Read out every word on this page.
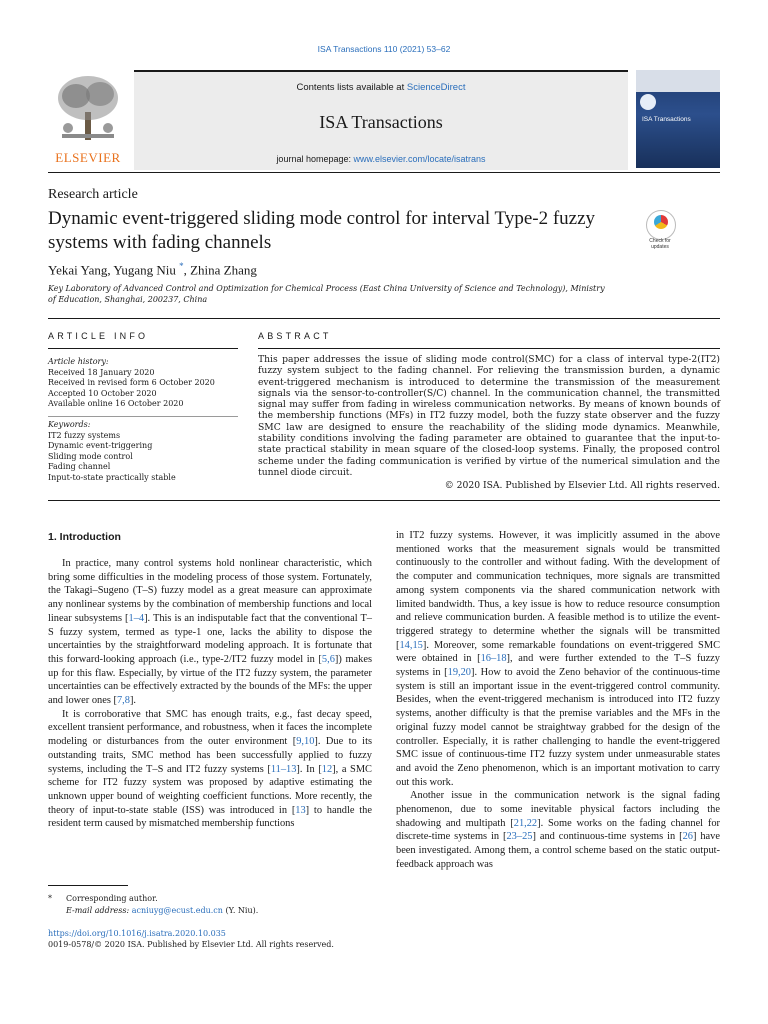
ISA Transactions 110 (2021) 53–62
ELSEVIER
Contents lists available at ScienceDirect
ISA Transactions
journal homepage: www.elsevier.com/locate/isatrans
ISA Transactions
Research article
Dynamic event-triggered sliding mode control for interval Type-2 fuzzy systems with fading channels	Check for updates
Yekai Yang, Yugang Niu *, Zhina Zhang
Key Laboratory of Advanced Control and Optimization for Chemical Process (East China University of Science and Technology), Ministry of Education, Shanghai, 200237, China
ARTICLE INFO
Article history:
Received 18 January 2020
Received in revised form 6 October 2020
Accepted 10 October 2020
Available online 16 October 2020
Keywords:
IT2 fuzzy systems
Dynamic event-triggering
Sliding mode control
Fading channel
Input-to-state practically stable
ABSTRACT
This paper addresses the issue of sliding mode control(SMC) for a class of interval type-2(IT2) fuzzy system subject to the fading channel. For relieving the transmission burden, a dynamic event-triggered mechanism is introduced to determine the transmission of the measurement signals via the sensor-to-controller(S/C) channel. In the communication channel, the transmitted signal may suffer from fading in wireless communication networks. By means of known bounds of the membership functions (MFs) in IT2 fuzzy model, both the fuzzy state observer and the fuzzy SMC law are designed to ensure the reachability of the sliding mode dynamics. Meanwhile, stability conditions involving the fading parameter are obtained to guarantee that the input-to-state practical stability in mean square of the closed-loop systems. Finally, the proposed control scheme under the fading communication is verified by virtue of the numerical simulation and the tunnel diode circuit.
© 2020 ISA. Published by Elsevier Ltd. All rights reserved.
1. Introduction

In practice, many control systems hold nonlinear characteristic, which bring some difficulties in the modeling process of those system. Fortunately, the Takagi–Sugeno (T–S) fuzzy model as a great measure can approximate any nonlinear systems by the combination of membership functions and local linear subsystems [1–4]. This is an indisputable fact that the conventional T–S fuzzy system, termed as type-1 one, lacks the ability to dispose the uncertainties by the straightforward modeling approach. It is fortunate that this forward-looking approach (i.e., type-2/IT2 fuzzy model in [5,6]) makes up for this flaw. Especially, by virtue of the IT2 fuzzy system, the parameter uncertainties can be effectively extracted by the bounds of the MFs: the upper and lower ones [7,8].

It is corroborative that SMC has enough traits, e.g., fast decay speed, excellent transient performance, and robustness, when it faces the incomplete modeling or disturbances from the outer environment [9,10]. Due to its outstanding traits, SMC method has been successfully applied to fuzzy systems, including the T–S and IT2 fuzzy systems [11–13]. In [12], a SMC scheme for IT2 fuzzy system was proposed by adaptive estimating the unknown upper bound of weighting coefficient functions. More recently, the theory of input-to-state stable (ISS) was introduced in [13] to handle the resident term caused by mismatched membership functions

in IT2 fuzzy systems. However, it was implicitly assumed in the above mentioned works that the measurement signals would be transmitted continuously to the controller and without fading. With the development of the computer and communication techniques, more signals are transmitted among system components via the shared communication network with limited bandwidth. Thus, a key issue is how to reduce resource consumption and relieve communication burden. A feasible method is to utilize the event-triggered strategy to determine whether the signals will be transmitted [14,15]. Moreover, some remarkable foundations on event-triggered SMC were obtained in [16–18], and were further extended to the T–S fuzzy systems in [19,20]. How to avoid the Zeno behavior of the continuous-time system is still an important issue in the event-triggered control community. Besides, when the event-triggered mechanism is introduced into IT2 fuzzy systems, another difficulty is that the premise variables and the MFs in the original fuzzy model cannot be straightway grabbed for the design of the controller. Especially, it is rather challenging to handle the event-triggered SMC issue of continuous-time IT2 fuzzy system under unmeasurable states and avoid the Zeno phenomenon, which is an important motivation to carry out this work.

Another issue in the communication network is the signal fading phenomenon, due to some inevitable physical factors including the shadowing and multipath [21,22]. Some works on the fading channel for discrete-time systems in [23–25] and continuous-time systems in [26] have been investigated. Among them, a control scheme based on the static output-feedback approach was

* Corresponding author.
E-mail address: acniuyg@ecust.edu.cn (Y. Niu).
https://doi.org/10.1016/j.isatra.2020.10.035
0019-0578/© 2020 ISA. Published by Elsevier Ltd. All rights reserved.
